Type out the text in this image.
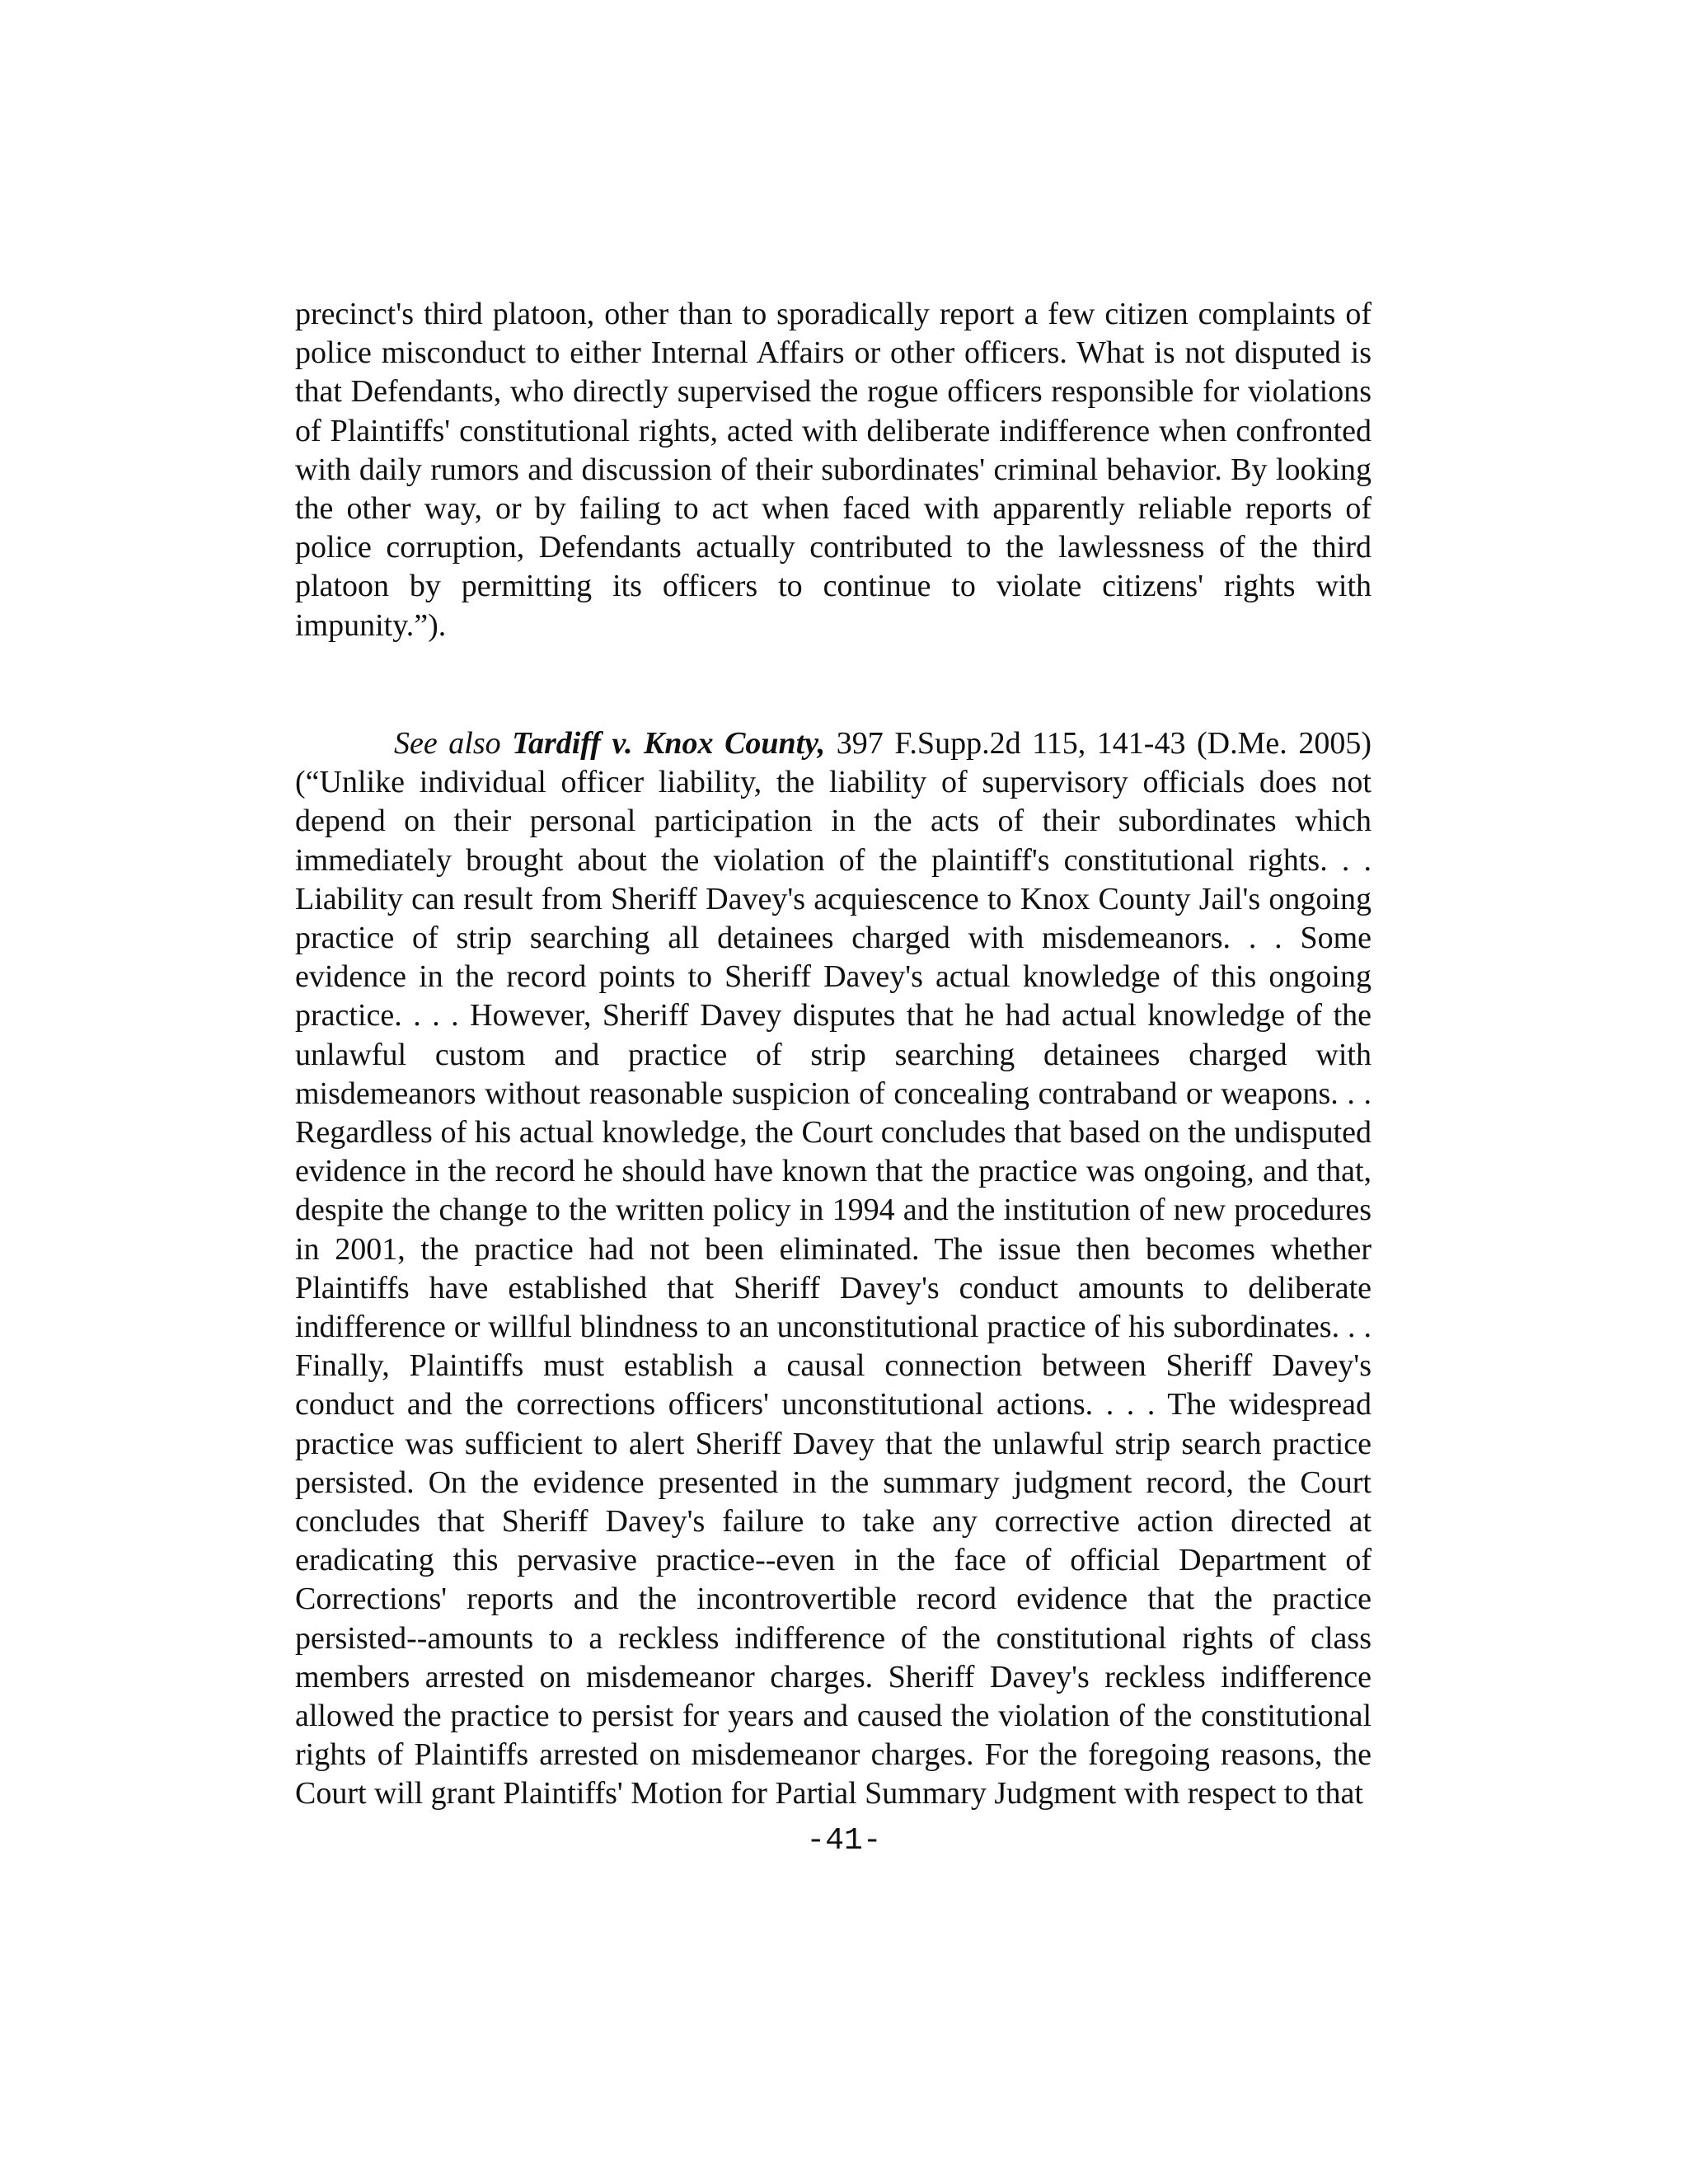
precinct's third platoon, other than to sporadically report a few citizen complaints of police misconduct to either Internal Affairs or other officers. What is not disputed is that Defendants, who directly supervised the rogue officers responsible for violations of Plaintiffs' constitutional rights, acted with deliberate indifference when confronted with daily rumors and discussion of their subordinates' criminal behavior. By looking the other way, or by failing to act when faced with apparently reliable reports of police corruption, Defendants actually contributed to the lawlessness of the third platoon by permitting its officers to continue to violate citizens' rights with impunity.”).

See also Tardiff v. Knox County, 397 F.Supp.2d 115, 141-43 (D.Me. 2005)(“Unlike individual officer liability, the liability of supervisory officials does not depend on their personal participation in the acts of their subordinates which immediately brought about the violation of the plaintiff's constitutional rights. . . Liability can result from Sheriff Davey's acquiescence to Knox County Jail's ongoing practice of strip searching all detainees charged with misdemeanors. . . Some evidence in the record points to Sheriff Davey's actual knowledge of this ongoing practice. . . . However, Sheriff Davey disputes that he had actual knowledge of the unlawful custom and practice of strip searching detainees charged with misdemeanors without reasonable suspicion of concealing contraband or weapons. . . Regardless of his actual knowledge, the Court concludes that based on the undisputed evidence in the record he should have known that the practice was ongoing, and that, despite the change to the written policy in 1994 and the institution of new procedures in 2001, the practice had not been eliminated. The issue then becomes whether Plaintiffs have established that Sheriff Davey's conduct amounts to deliberate indifference or willful blindness to an unconstitutional practice of his subordinates. . . Finally, Plaintiffs must establish a causal connection between Sheriff Davey's conduct and the corrections officers' unconstitutional actions. . . . The widespread practice was sufficient to alert Sheriff Davey that the unlawful strip search practice persisted. On the evidence presented in the summary judgment record, the Court concludes that Sheriff Davey's failure to take any corrective action directed at eradicating this pervasive practice--even in the face of official Department of Corrections' reports and the incontrovertible record evidence that the practice persisted--amounts to a reckless indifference of the constitutional rights of class members arrested on misdemeanor charges. Sheriff Davey's reckless indifference allowed the practice to persist for years and caused the violation of the constitutional rights of Plaintiffs arrested on misdemeanor charges. For the foregoing reasons, the Court will grant Plaintiffs' Motion for Partial Summary Judgment with respect to that

-41-
